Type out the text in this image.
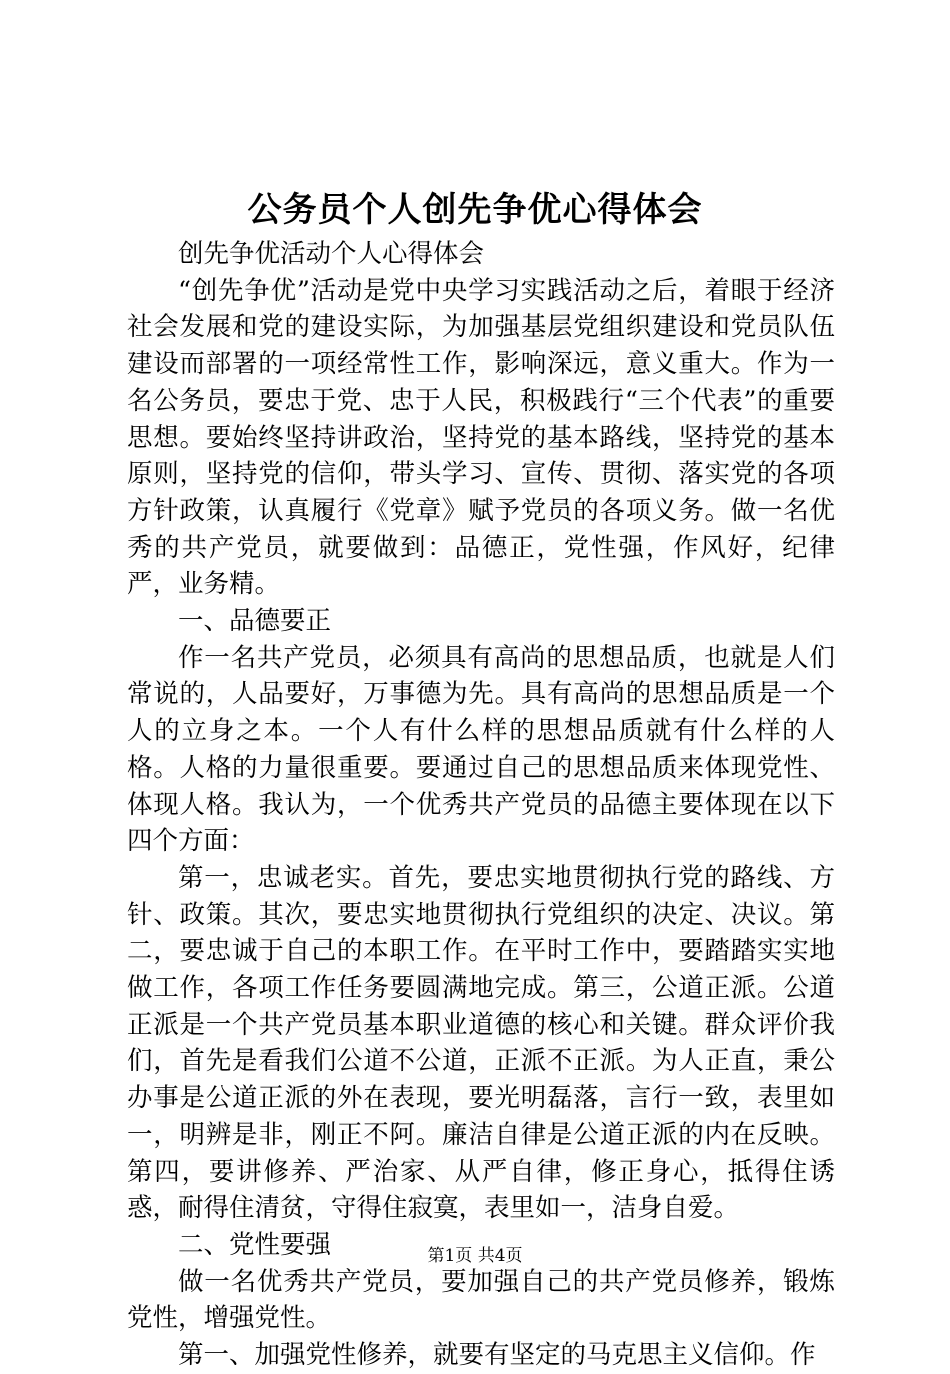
公务员个人创先争优心得体会

创先争优活动个人心得体会

“创先争优”活动是党中央学习实践活动之后，着眼于经济社会发展和党的建设实际，为加强基层党组织建设和党员队伍建设而部署的一项经常性工作，影响深远，意义重大。作为一名公务员，要忠于党、忠于人民，积极践行“三个代表”的重要思想。要始终坚持讲政治，坚持党的基本路线，坚持党的基本原则，坚持党的信仰，带头学习、宣传、贯彻、落实党的各项方针政策，认真履行《党章》赋予党员的各项义务。做一名优秀的共产党员，就要做到：品德正，党性强，作风好，纪律严，业务精。

一、品德要正

作一名共产党员，必须具有高尚的思想品质，也就是人们常说的，人品要好，万事德为先。具有高尚的思想品质是一个人的立身之本。一个人有什么样的思想品质就有什么样的人格。人格的力量很重要。要通过自己的思想品质来体现党性、体现人格。我认为，一个优秀共产党员的品德主要体现在以下四个方面：

第一，忠诚老实。首先，要忠实地贯彻执行党的路线、方针、政策。其次，要忠实地贯彻执行党组织的决定、决议。第二，要忠诚于自己的本职工作。在平时工作中，要踏踏实实地做工作，各项工作任务要圆满地完成。第三，公道正派。公道正派是一个共产党员基本职业道德的核心和关键。群众评价我们，首先是看我们公道不公道，正派不正派。为人正直，秉公办事是公道正派的外在表现，要光明磊落，言行一致，表里如一，明辨是非，刚正不阿。廉洁自律是公道正派的内在反映。第四，要讲修养、严治家、从严自律，修正身心，抵得住诱惑，耐得住清贫，守得住寂寞，表里如一，洁身自爱。

二、党性要强

做一名优秀共产党员，要加强自己的共产党员修养，锻炼党性，增强党性。

第一、加强党性修养，就要有坚定的马克思主义信仰。作

第1页 共4页
